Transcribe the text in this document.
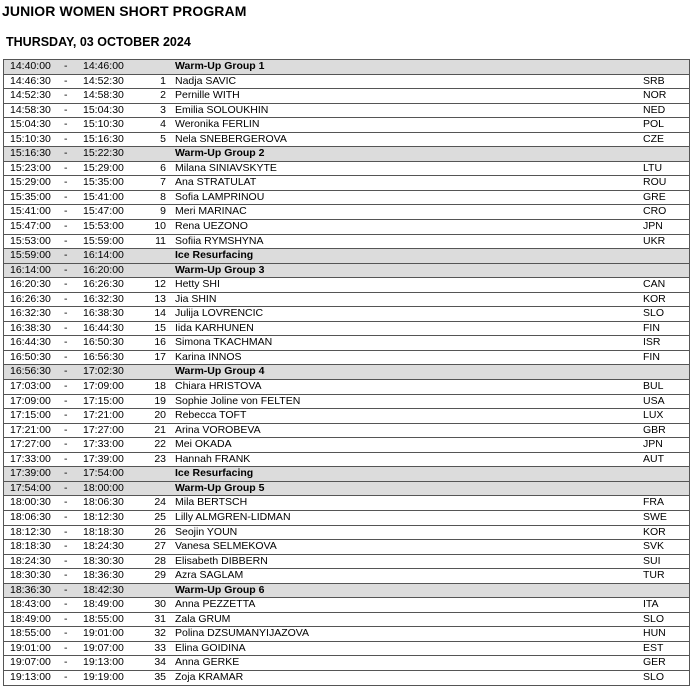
JUNIOR WOMEN SHORT PROGRAM
THURSDAY, 03 OCTOBER 2024
14:40:00 - 14:46:00	Warm-Up Group 1
14:46:30 - 14:52:30	1 Nadja SAVIC	SRB
14:52:30 - 14:58:30	2 Pernille WITH	NOR
14:58:30 - 15:04:30	3 Emilia SOLOUKHIN	NED
15:04:30 - 15:10:30	4 Weronika FERLIN	POL
15:10:30 - 15:16:30	5 Nela SNEBERGEROVA	CZE
15:16:30 - 15:22:30	Warm-Up Group 2
15:23:00 - 15:29:00	6 Milana SINIAVSKYTE	LTU
15:29:00 - 15:35:00	7 Ana STRATULAT	ROU
15:35:00 - 15:41:00	8 Sofia LAMPRINOU	GRE
15:41:00 - 15:47:00	9 Meri MARINAC	CRO
15:47:00 - 15:53:00	10 Rena UEZONO	JPN
15:53:00 - 15:59:00	11 Sofiia RYMSHYNA	UKR
15:59:00 - 16:14:00	Ice Resurfacing
16:14:00 - 16:20:00	Warm-Up Group 3
16:20:30 - 16:26:30	12 Hetty SHI	CAN
16:26:30 - 16:32:30	13 Jia SHIN	KOR
16:32:30 - 16:38:30	14 Julija LOVRENCIC	SLO
16:38:30 - 16:44:30	15 Iida KARHUNEN	FIN
16:44:30 - 16:50:30	16 Simona TKACHMAN	ISR
16:50:30 - 16:56:30	17 Karina INNOS	FIN
16:56:30 - 17:02:30	Warm-Up Group 4
17:03:00 - 17:09:00	18 Chiara HRISTOVA	BUL
17:09:00 - 17:15:00	19 Sophie Joline von FELTEN	USA
17:15:00 - 17:21:00	20 Rebecca TOFT	LUX
17:21:00 - 17:27:00	21 Arina VOROBEVA	GBR
17:27:00 - 17:33:00	22 Mei OKADA	JPN
17:33:00 - 17:39:00	23 Hannah FRANK	AUT
17:39:00 - 17:54:00	Ice Resurfacing
17:54:00 - 18:00:00	Warm-Up Group 5
18:00:30 - 18:06:30	24 Mila BERTSCH	FRA
18:06:30 - 18:12:30	25 Lilly ALMGREN-LIDMAN	SWE
18:12:30 - 18:18:30	26 Seojin YOUN	KOR
18:18:30 - 18:24:30	27 Vanesa SELMEKOVA	SVK
18:24:30 - 18:30:30	28 Elisabeth DIBBERN	SUI
18:30:30 - 18:36:30	29 Azra SAGLAM	TUR
18:36:30 - 18:42:30	Warm-Up Group 6
18:43:00 - 18:49:00	30 Anna PEZZETTA	ITA
18:49:00 - 18:55:00	31 Zala GRUM	SLO
18:55:00 - 19:01:00	32 Polina DZSUMANYIJAZOVA	HUN
19:01:00 - 19:07:00	33 Elina GOIDINA	EST
19:07:00 - 19:13:00	34 Anna GERKE	GER
19:13:00 - 19:19:00	35 Zoja KRAMAR	SLO
